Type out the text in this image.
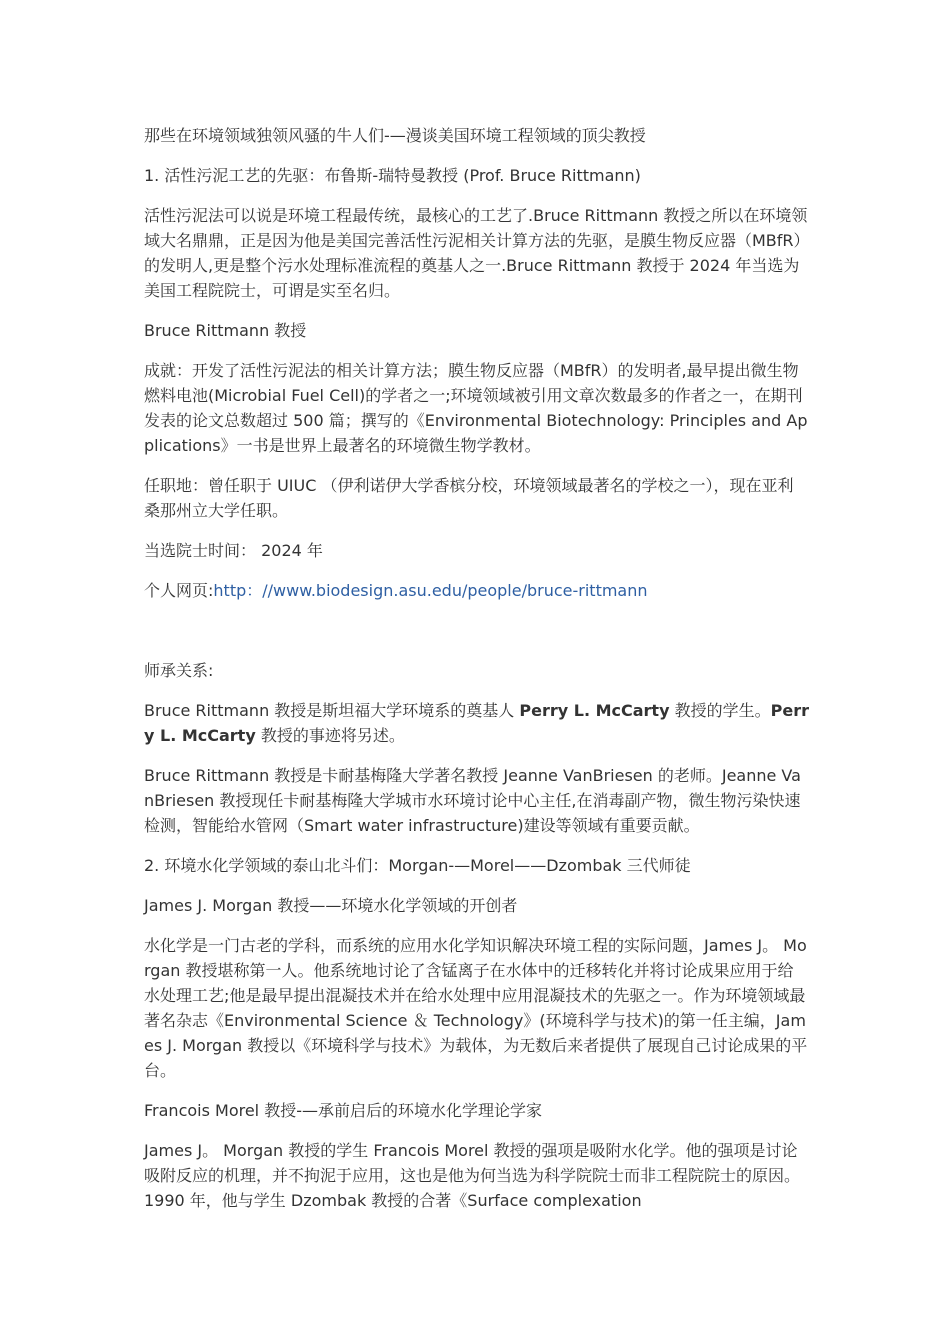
那些在环境领域独领风骚的牛人们-—漫谈美国环境工程领域的顶尖教授

1. 活性污泥工艺的先驱：布鲁斯-瑞特曼教授 (Prof. Bruce Rittmann)

活性污泥法可以说是环境工程最传统，最核心的工艺了.Bruce Rittmann 教授之所以在环境领域大名鼎鼎，正是因为他是美国完善活性污泥相关计算方法的先驱，是膜生物反应器（MBfR）的发明人,更是整个污水处理标准流程的奠基人之一.Bruce Rittmann 教授于 2024 年当选为美国工程院院士，可谓是实至名归。

Bruce Rittmann 教授

成就：开发了活性污泥法的相关计算方法；膜生物反应器（MBfR）的发明者,最早提出微生物燃料电池(Microbial Fuel Cell)的学者之一;环境领域被引用文章次数最多的作者之一，在期刊发表的论文总数超过 500 篇；撰写的《Environmental Biotechnology: Principles and Applications》一书是世界上最著名的环境微生物学教材。

任职地：曾任职于 UIUC （伊利诺伊大学香槟分校，环境领域最著名的学校之一），现在亚利桑那州立大学任职。

当选院士时间： 2024 年

个人网页:http：//www.biodesign.asu.edu/people/bruce-rittmann

师承关系:

Bruce Rittmann 教授是斯坦福大学环境系的奠基人 Perry L. McCarty 教授的学生。Perry L. McCarty 教授的事迹将另述。

Bruce Rittmann 教授是卡耐基梅隆大学著名教授 Jeanne VanBriesen 的老师。Jeanne VanBriesen 教授现任卡耐基梅隆大学城市水环境讨论中心主任,在消毒副产物，微生物污染快速检测，智能给水管网（Smart water infrastructure)建设等领域有重要贡献。

2. 环境水化学领域的泰山北斗们：Morgan-—Morel——Dzombak 三代师徒

James J. Morgan 教授——环境水化学领域的开创者

水化学是一门古老的学科，而系统的应用水化学知识解决环境工程的实际问题，James J。 Morgan 教授堪称第一人。他系统地讨论了含锰离子在水体中的迁移转化并将讨论成果应用于给水处理工艺;他是最早提出混凝技术并在给水处理中应用混凝技术的先驱之一。作为环境领域最著名杂志《Environmental Science ＆ Technology》(环境科学与技术)的第一任主编，James J. Morgan 教授以《环境科学与技术》为载体，为无数后来者提供了展现自己讨论成果的平台。

Francois Morel 教授-—承前启后的环境水化学理论学家

James J。 Morgan 教授的学生 Francois Morel 教授的强项是吸附水化学。他的强项是讨论吸附反应的机理，并不拘泥于应用，这也是他为何当选为科学院院士而非工程院院士的原因。1990 年，他与学生 Dzombak 教授的合著《Surface complexation
